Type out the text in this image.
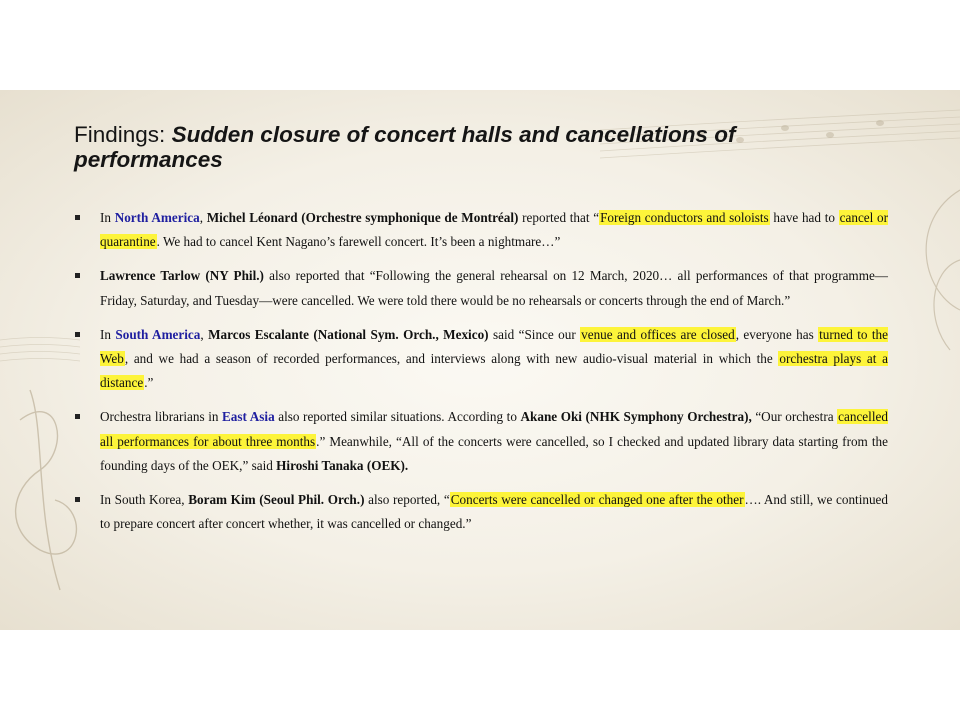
Findings: Sudden closure of concert halls and cancellations of performances
In North America, Michel Léonard (Orchestre symphonique de Montréal) reported that “Foreign conductors and soloists have had to cancel or quarantine. We had to cancel Kent Nagano’s farewell concert. It’s been a nightmare…”
Lawrence Tarlow (NY Phil.) also reported that “Following the general rehearsal on 12 March, 2020… all performances of that programme—Friday, Saturday, and Tuesday—were cancelled. We were told there would be no rehearsals or concerts through the end of March.”
In South America, Marcos Escalante (National Sym. Orch., Mexico) said “Since our venue and offices are closed, everyone has turned to the Web, and we had a season of recorded performances, and interviews along with new audio-visual material in which the orchestra plays at a distance.”
Orchestra librarians in East Asia also reported similar situations. According to Akane Oki (NHK Symphony Orchestra), “Our orchestra cancelled all performances for about three months.” Meanwhile, “All of the concerts were cancelled, so I checked and updated library data starting from the founding days of the OEK,” said Hiroshi Tanaka (OEK).
In South Korea, Boram Kim (Seoul Phil. Orch.) also reported, “Concerts were cancelled or changed one after the other…. And still, we continued to prepare concert after concert whether, it was cancelled or changed.”
